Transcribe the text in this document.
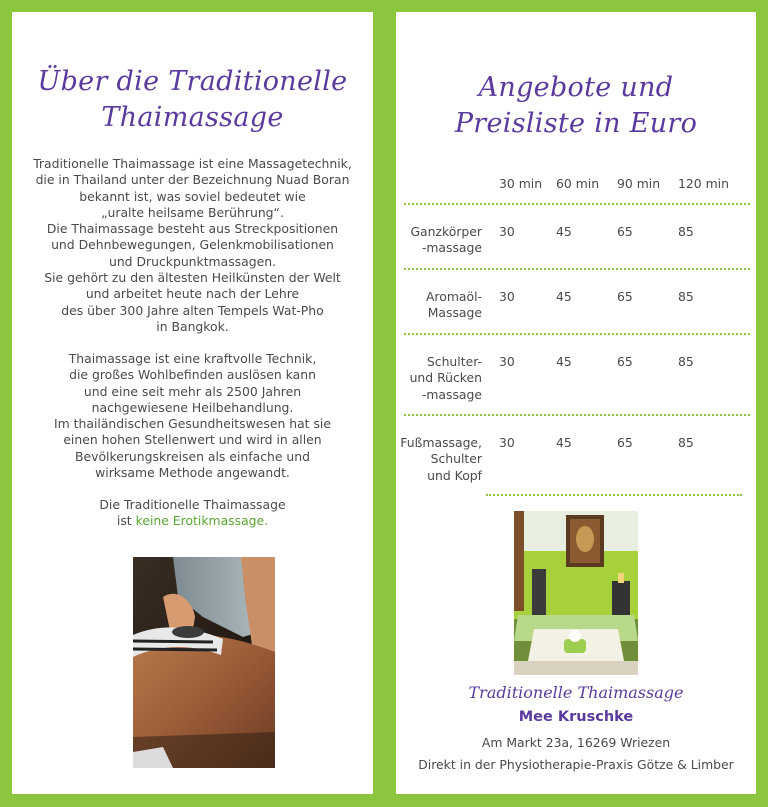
Über die Traditionelle
Thaimassage
Traditionelle Thaimassage ist eine Massagetechnik,
die in Thailand unter der Bezeichnung Nuad Boran
bekannt ist, was soviel bedeutet wie
„uralte heilsame Berührung“.
Die Thaimassage besteht aus Streckpositionen
und Dehnbewegungen, Gelenkmobilisationen
und Druckpunktmassagen.
Sie gehört zu den ältesten Heilkünsten der Welt
und arbeitet heute nach der Lehre
des über 300 Jahre alten Tempels Wat-Pho
in Bangkok.
Thaimassage ist eine kraftvolle Technik,
die großes Wohlbefinden auslösen kann
und eine seit mehr als 2500 Jahren
nachgewiesene Heilbehandlung.
Im thailändischen Gesundheitswesen hat sie
einen hohen Stellenwert und wird in allen
Bevölkerungskreisen als einfache und
wirksame Methode angewandt.
Die Traditionelle Thaimassage
ist keine Erotikmassage.
Angebote und
Preisliste in Euro
30 min 60 min 90 min 120 min
Ganzkörper
-massage
30	45	65	85
Aromaöl-
Massage
30	45	65	85
Schulter-
und Rücken
-massage
30	45	65	85
Fußmassage,
Schulter
und Kopf
30	45	65	85
Traditionelle Thaimassage
Mee Kruschke
Am Markt 23a, 16269 Wriezen
Direkt in der Physiotherapie-Praxis Götze & Limber
